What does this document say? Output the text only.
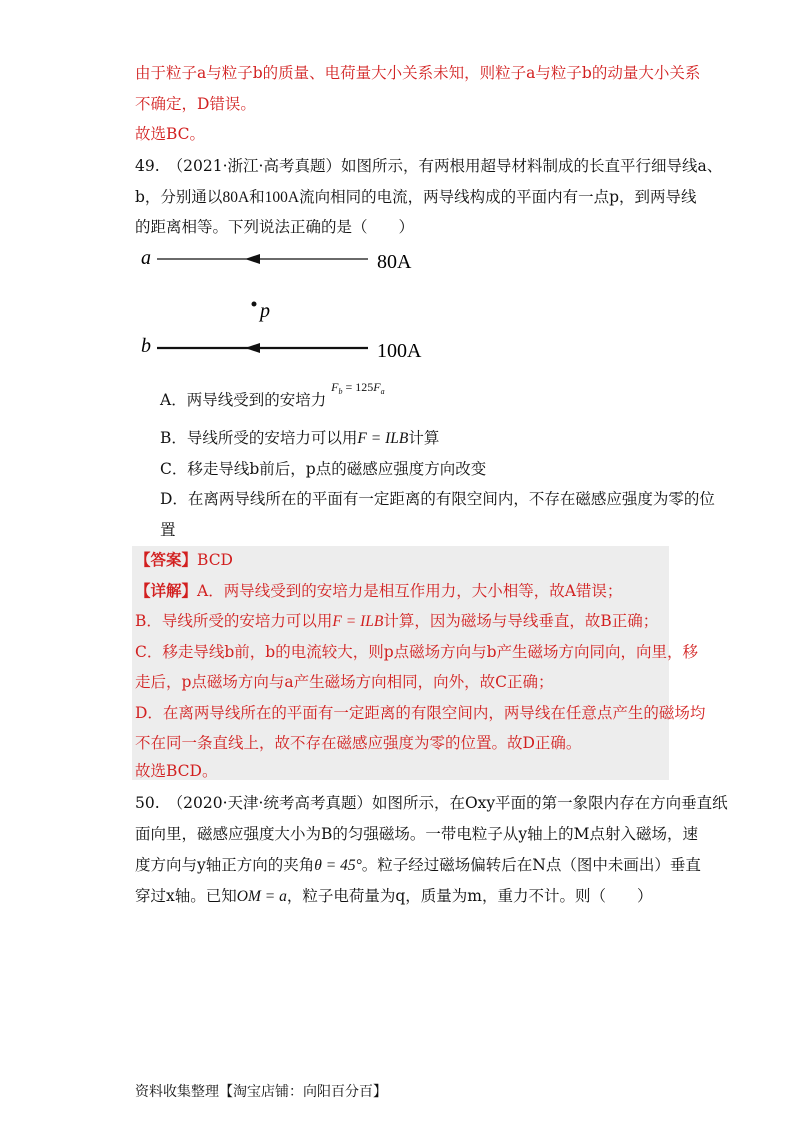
由于粒子a与粒子b的质量、电荷量大小关系未知，则粒子a与粒子b的动量大小关系
不确定，D错误。
故选BC。
49. （2021·浙江·高考真题）如图所示，有两根用超导材料制成的长直平行细导线a、
b，分别通以80A和100A流向相同的电流，两导线构成的平面内有一点p，到两导线
的距离相等。下列说法正确的是（　　）
a	80A
p
b	100A
A．两导线受到的安培力 $^{F_b = 125F_a}$
B．导线所受的安培力可以用F = ILB计算
C．移走导线b前后，p点的磁感应强度方向改变
D．在离两导线所在的平面有一定距离的有限空间内，不存在磁感应强度为零的位
置
【答案】BCD
【详解】A．两导线受到的安培力是相互作用力，大小相等，故A错误；
B．导线所受的安培力可以用F = ILB计算，因为磁场与导线垂直，故B正确；
C．移走导线b前，b的电流较大，则p点磁场方向与b产生磁场方向同向，向里，移
走后，p点磁场方向与a产生磁场方向相同，向外，故C正确；
D．在离两导线所在的平面有一定距离的有限空间内，两导线在任意点产生的磁场均
不在同一条直线上，故不存在磁感应强度为零的位置。故D正确。
故选BCD。
50. （2020·天津·统考高考真题）如图所示，在Oxy平面的第一象限内存在方向垂直纸
面向里，磁感应强度大小为B的匀强磁场。一带电粒子从y轴上的M点射入磁场，速
度方向与y轴正方向的夹角θ = 45°。粒子经过磁场偏转后在N点（图中未画出）垂直
穿过x轴。已知OM = a，粒子电荷量为q，质量为m，重力不计。则（　　）
资料收集整理【淘宝店铺：向阳百分百】
